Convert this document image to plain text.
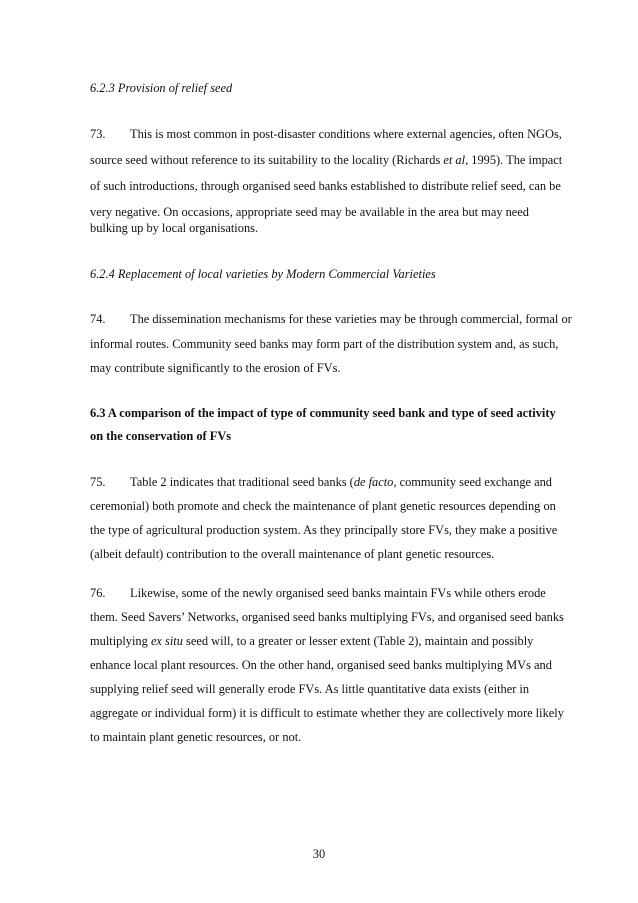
6.2.3 Provision of relief seed
73. This is most common in post-disaster conditions where external agencies, often NGOs,
source seed without reference to its suitability to the locality (Richards et al, 1995). The impact
of such introductions, through organised seed banks established to distribute relief seed, can be
very negative. On occasions, appropriate seed may be available in the area but may need
bulking up by local organisations.
6.2.4 Replacement of local varieties by Modern Commercial Varieties
74. The dissemination mechanisms for these varieties may be through commercial, formal or
informal routes. Community seed banks may form part of the distribution system and, as such,
may contribute significantly to the erosion of FVs.
6.3 A comparison of the impact of type of community seed bank and type of seed activity
on the conservation of FVs
75. Table 2 indicates that traditional seed banks (de facto, community seed exchange and
ceremonial) both promote and check the maintenance of plant genetic resources depending on
the type of agricultural production system. As they principally store FVs, they make a positive
(albeit default) contribution to the overall maintenance of plant genetic resources.
76. Likewise, some of the newly organised seed banks maintain FVs while others erode
them. Seed Savers’ Networks, organised seed banks multiplying FVs, and organised seed banks
multiplying ex situ seed will, to a greater or lesser extent (Table 2), maintain and possibly
enhance local plant resources. On the other hand, organised seed banks multiplying MVs and
supplying relief seed will generally erode FVs. As little quantitative data exists (either in
aggregate or individual form) it is difficult to estimate whether they are collectively more likely
to maintain plant genetic resources, or not.
30
